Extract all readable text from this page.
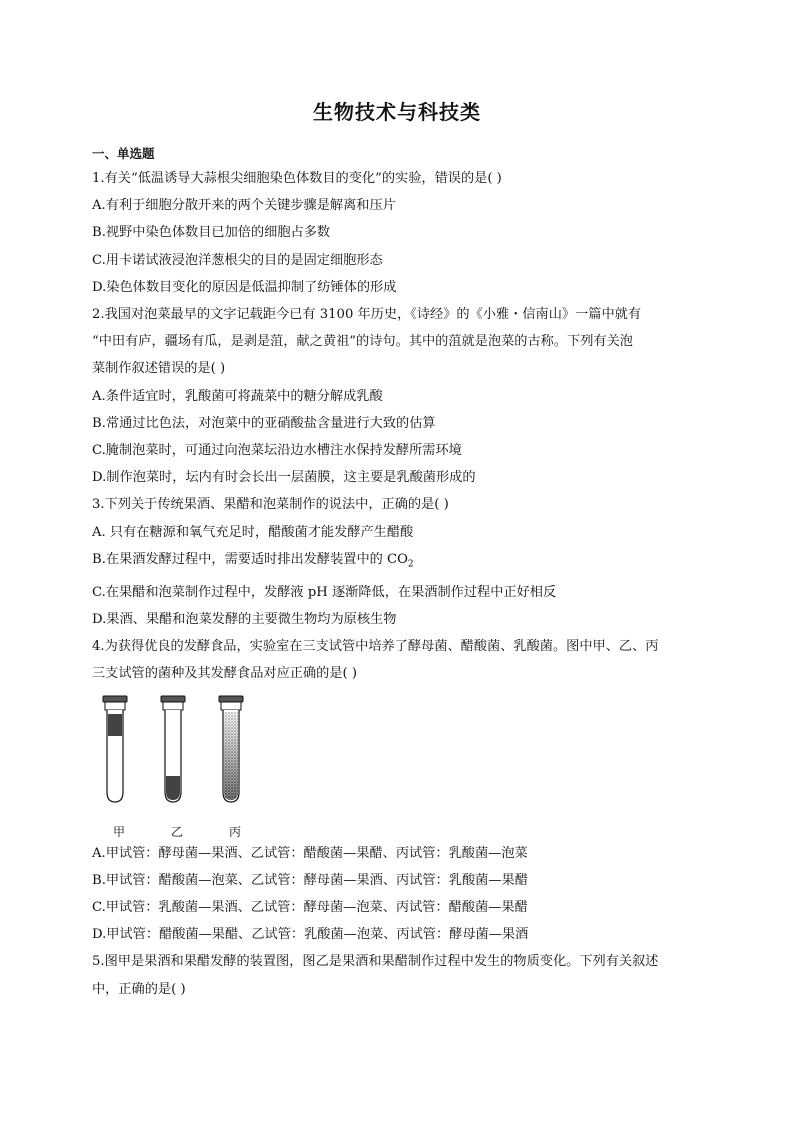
生物技术与科技类
一、单选题
1.有关“低温诱导大蒜根尖细胞染色体数目的变化”的实验，错误的是( )
A.有利于细胞分散开来的两个关键步骤是解离和压片
B.视野中染色体数目已加倍的细胞占多数
C.用卡诺试液浸泡洋葱根尖的目的是固定细胞形态
D.染色体数目变化的原因是低温抑制了纺锤体的形成
2.我国对泡菜最早的文字记载距今已有 3100 年历史，《诗经》的《小雅・信南山》一篇中就有
“中田有庐，疆场有瓜，是剥是菹，献之黄祖”的诗句。其中的菹就是泡菜的古称。下列有关泡
菜制作叙述错误的是( )
A.条件适宜时，乳酸菌可将蔬菜中的糖分解成乳酸
B.常通过比色法，对泡菜中的亚硝酸盐含量进行大致的估算
C.腌制泡菜时，可通过向泡菜坛沿边水槽注水保持发酵所需环境
D.制作泡菜时，坛内有时会长出一层菌膜，这主要是乳酸菌形成的
3.下列关于传统果酒、果醋和泡菜制作的说法中，正确的是( )
A. 只有在糖源和氧气充足时，醋酸菌才能发酵产生醋酸
B.在果酒发酵过程中，需要适时排出发酵装置中的 $CO_2$
C.在果醋和泡菜制作过程中，发酵液 pH 逐渐降低，在果酒制作过程中正好相反
D.果酒、果醋和泡菜发酵的主要微生物均为原核生物
4.为获得优良的发酵食品，实验室在三支试管中培养了酵母菌、醋酸菌、乳酸菌。图中甲、乙、丙
三支试管的菌种及其发酵食品对应正确的是( )
甲	乙	丙
A.甲试管：酵母菌—果酒、乙试管：醋酸菌—果醋、丙试管：乳酸菌—泡菜
B.甲试管：醋酸菌—泡菜、乙试管：酵母菌—果酒、丙试管：乳酸菌—果醋
C.甲试管：乳酸菌—果酒、乙试管：酵母菌—泡菜、丙试管：醋酸菌—果醋
D.甲试管：醋酸菌—果醋、乙试管：乳酸菌—泡菜、丙试管：酵母菌—果酒
5.图甲是果酒和果醋发酵的装置图，图乙是果酒和果醋制作过程中发生的物质变化。下列有关叙述
中，正确的是( )
